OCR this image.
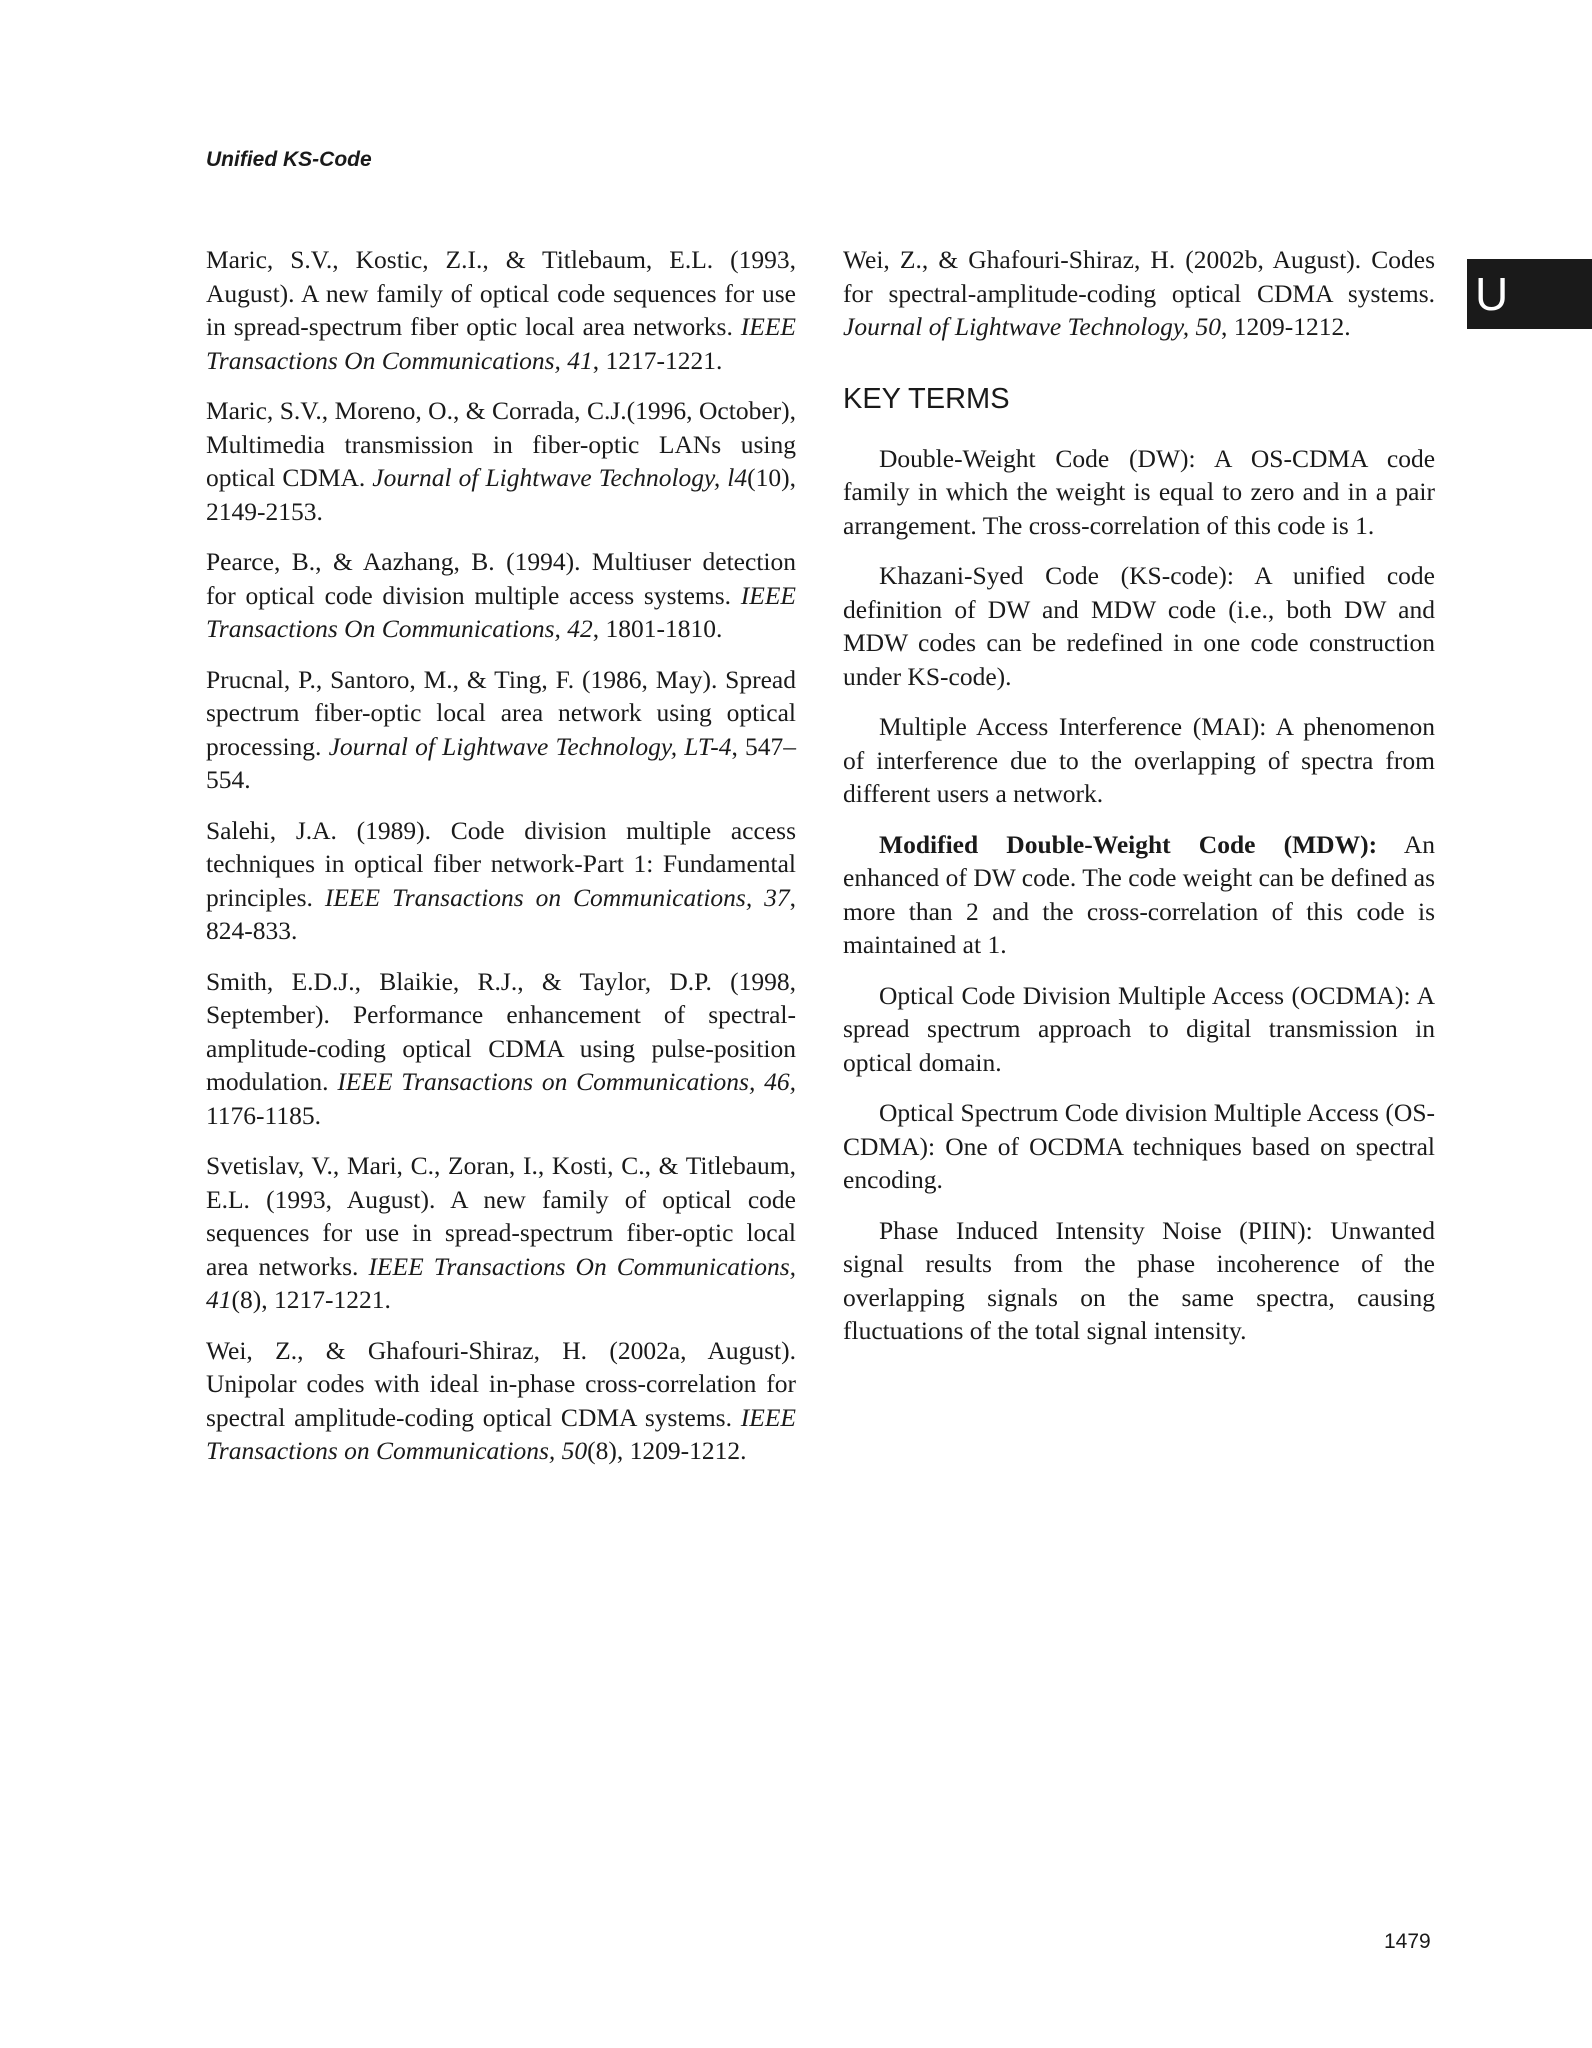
Unified KS-Code
U

Maric, S.V., Kostic, Z.I., & Titlebaum, E.L. (1993, August). A new family of optical code sequences for use in spread-spectrum fiber optic local area networks. IEEE Transactions On Communications, 41, 1217-1221.

Maric, S.V., Moreno, O., & Corrada, C.J.(1996, October), Multimedia transmission in fiber-optic LANs using optical CDMA. Journal of Lightwave Technology, l4(10), 2149-2153.

Pearce, B., & Aazhang, B. (1994). Multiuser detection for optical code division multiple access systems. IEEE Transactions On Communications, 42, 1801-1810.

Prucnal, P., Santoro, M., & Ting, F. (1986, May). Spread spectrum fiber-optic local area network using optical processing. Journal of Lightwave Technology, LT-4, 547–554.

Salehi, J.A. (1989). Code division multiple access techniques in optical fiber network-Part 1: Fundamental principles. IEEE Transactions on Communications, 37, 824-833.

Smith, E.D.J., Blaikie, R.J., & Taylor, D.P. (1998, September). Performance enhancement of spectral-amplitude-coding optical CDMA using pulse-position modulation. IEEE Transactions on Communications, 46, 1176-1185.

Svetislav, V., Mari, C., Zoran, I., Kosti, C., & Titlebaum, E.L. (1993, August). A new family of optical code sequences for use in spread-spectrum fiber-optic local area networks. IEEE Transactions On Communications, 41(8), 1217-1221.

Wei, Z., & Ghafouri-Shiraz, H. (2002a, August). Unipolar codes with ideal in-phase cross-correlation for spectral amplitude-coding optical CDMA systems. IEEE Transactions on Communications, 50(8), 1209-1212.

Wei, Z., & Ghafouri-Shiraz, H. (2002b, August). Codes for spectral-amplitude-coding optical CDMA systems. Journal of Lightwave Technology, 50, 1209-1212.

KEY TERMS

Double-Weight Code (DW): A OS-CDMA code family in which the weight is equal to zero and in a pair arrangement. The cross-correlation of this code is 1.

Khazani-Syed Code (KS-code): A unified code definition of DW and MDW code (i.e., both DW and MDW codes can be redefined in one code construction under KS-code).

Multiple Access Interference (MAI): A phenomenon of interference due to the overlapping of spectra from different users a network.

Modified Double-Weight Code (MDW): An enhanced of DW code. The code weight can be defined as more than 2 and the cross-correlation of this code is maintained at 1.

Optical Code Division Multiple Access (OCDMA): A spread spectrum approach to digital transmission in optical domain.

Optical Spectrum Code division Multiple Access (OS-CDMA): One of OCDMA techniques based on spectral encoding.

Phase Induced Intensity Noise (PIIN): Unwanted signal results from the phase incoherence of the overlapping signals on the same spectra, causing fluctuations of the total signal intensity.

1479
